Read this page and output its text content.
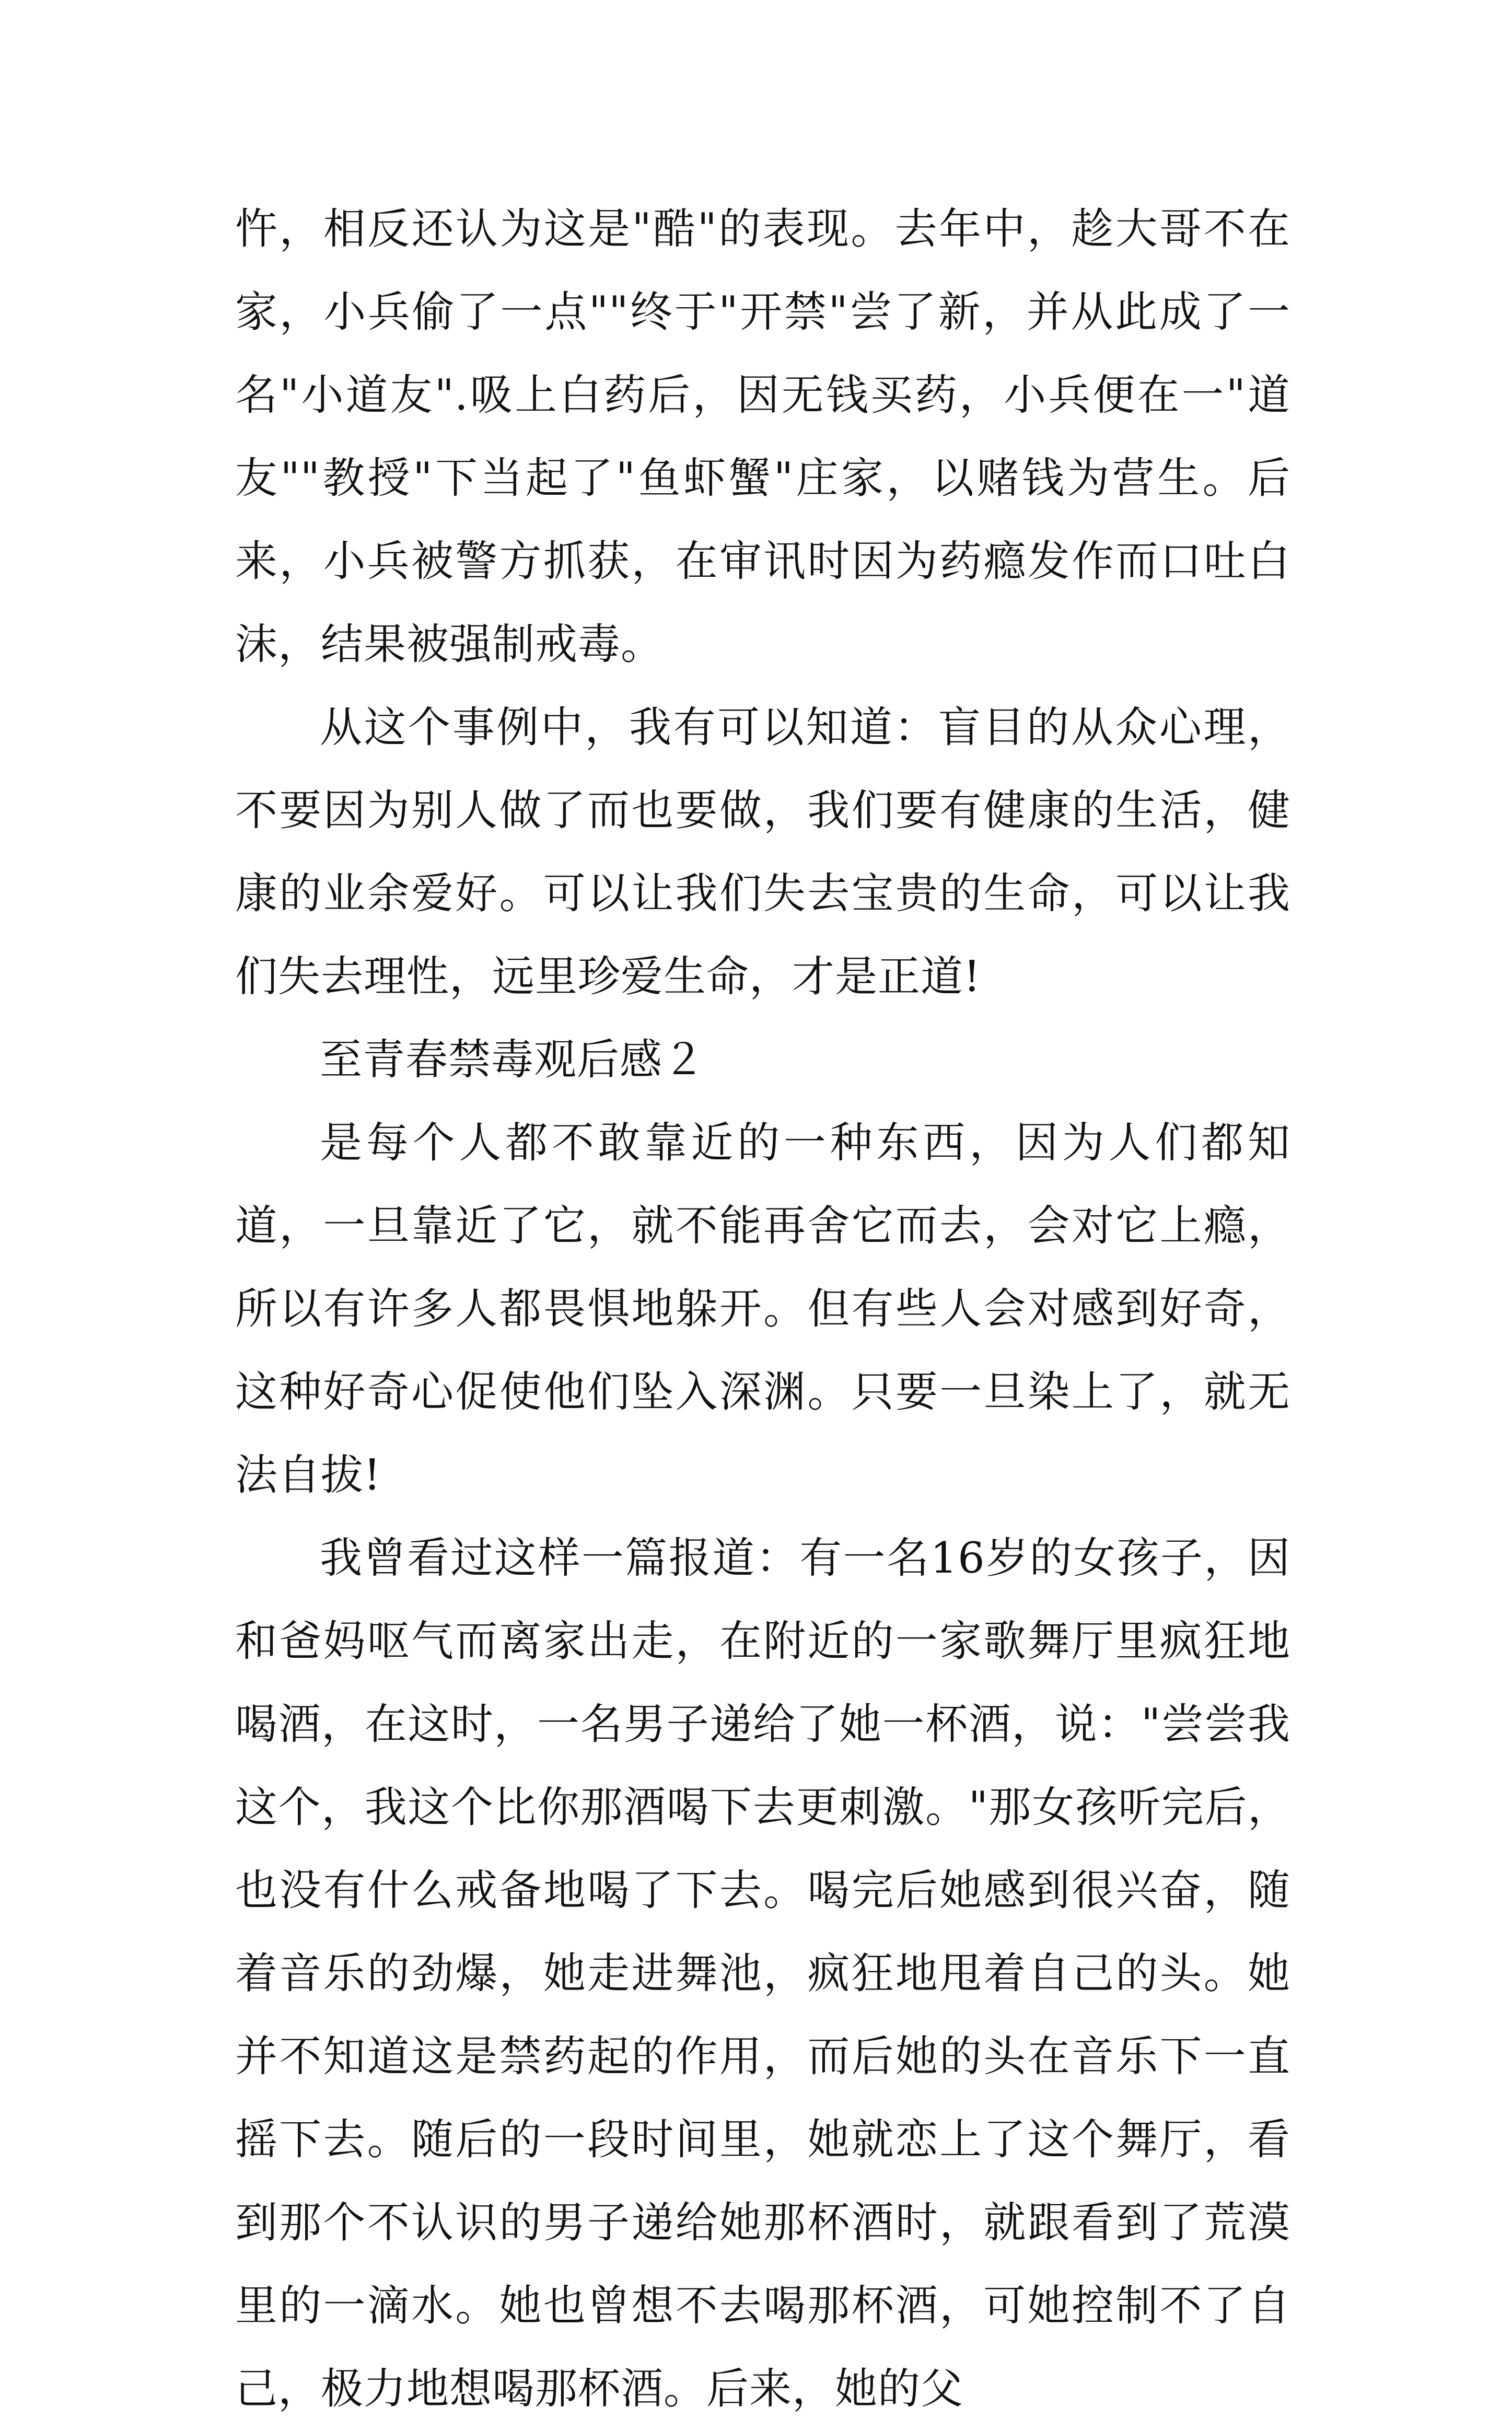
忤，相反还认为这是"酷"的表现。去年中，趁大哥不在家，小兵偷了一点""终于"开禁"尝了新，并从此成了一名"小道友".吸上白药后，因无钱买药，小兵便在一"道友""教授"下当起了"鱼虾蟹"庄家，以赌钱为营生。后来，小兵被警方抓获，在审讯时因为药瘾发作而口吐白沫，结果被强制戒毒。

从这个事例中，我有可以知道：盲目的从众心理，不要因为别人做了而也要做，我们要有健康的生活，健康的业余爱好。可以让我们失去宝贵的生命，可以让我们失去理性，远里珍爱生命，才是正道!

至青春禁毒观后感２

是每个人都不敢靠近的一种东西，因为人们都知道，一旦靠近了它，就不能再舍它而去，会对它上瘾，所以有许多人都畏惧地躲开。但有些人会对感到好奇，这种好奇心促使他们坠入深渊。只要一旦染上了，就无法自拔!

我曾看过这样一篇报道：有一名16岁的女孩子，因和爸妈呕气而离家出走，在附近的一家歌舞厅里疯狂地喝酒，在这时，一名男子递给了她一杯酒，说："尝尝我这个，我这个比你那酒喝下去更刺激。"那女孩听完后，也没有什么戒备地喝了下去。喝完后她感到很兴奋，随着音乐的劲爆，她走进舞池，疯狂地甩着自己的头。她并不知道这是禁药起的作用，而后她的头在音乐下一直摇下去。随后的一段时间里，她就恋上了这个舞厅，看到那个不认识的男子递给她那杯酒时，就跟看到了荒漠里的一滴水。她也曾想不去喝那杯酒，可她控制不了自己，极力地想喝那杯酒。后来，她的父
